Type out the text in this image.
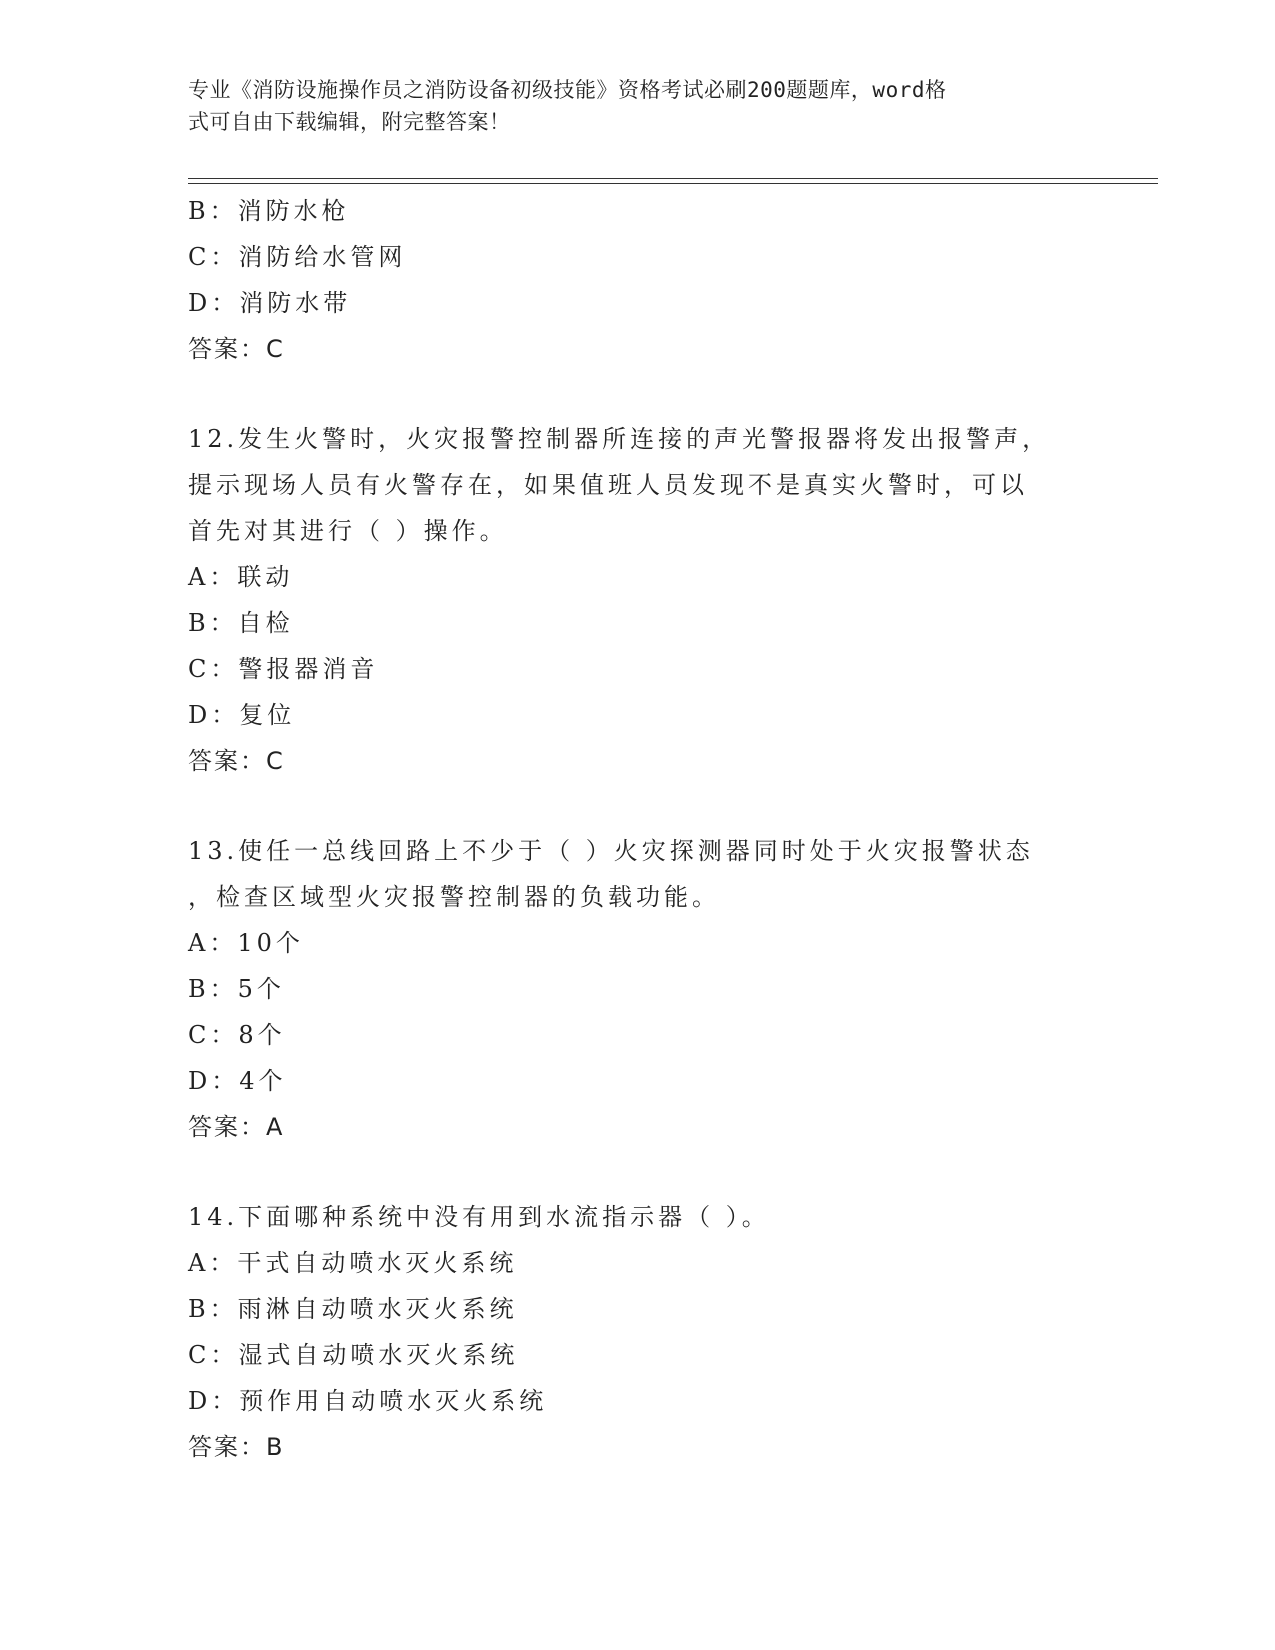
专业《消防设施操作员之消防设备初级技能》资格考试必刷200题题库，word格
式可自由下载编辑，附完整答案！
B：消防水枪
C：消防给水管网
D：消防水带
答案：C
12.发生火警时，火灾报警控制器所连接的声光警报器将发出报警声，
提示现场人员有火警存在，如果值班人员发现不是真实火警时，可以
首先对其进行（ ）操作。
A：联动
B：自检
C：警报器消音
D：复位
答案：C
13.使任一总线回路上不少于（ ）火灾探测器同时处于火灾报警状态
，检查区域型火灾报警控制器的负载功能。
A：10个
B：5个
C：8个
D：4个
答案：A
14.下面哪种系统中没有用到水流指示器（ ）。
A：干式自动喷水灭火系统
B：雨淋自动喷水灭火系统
C：湿式自动喷水灭火系统
D：预作用自动喷水灭火系统
答案：B
